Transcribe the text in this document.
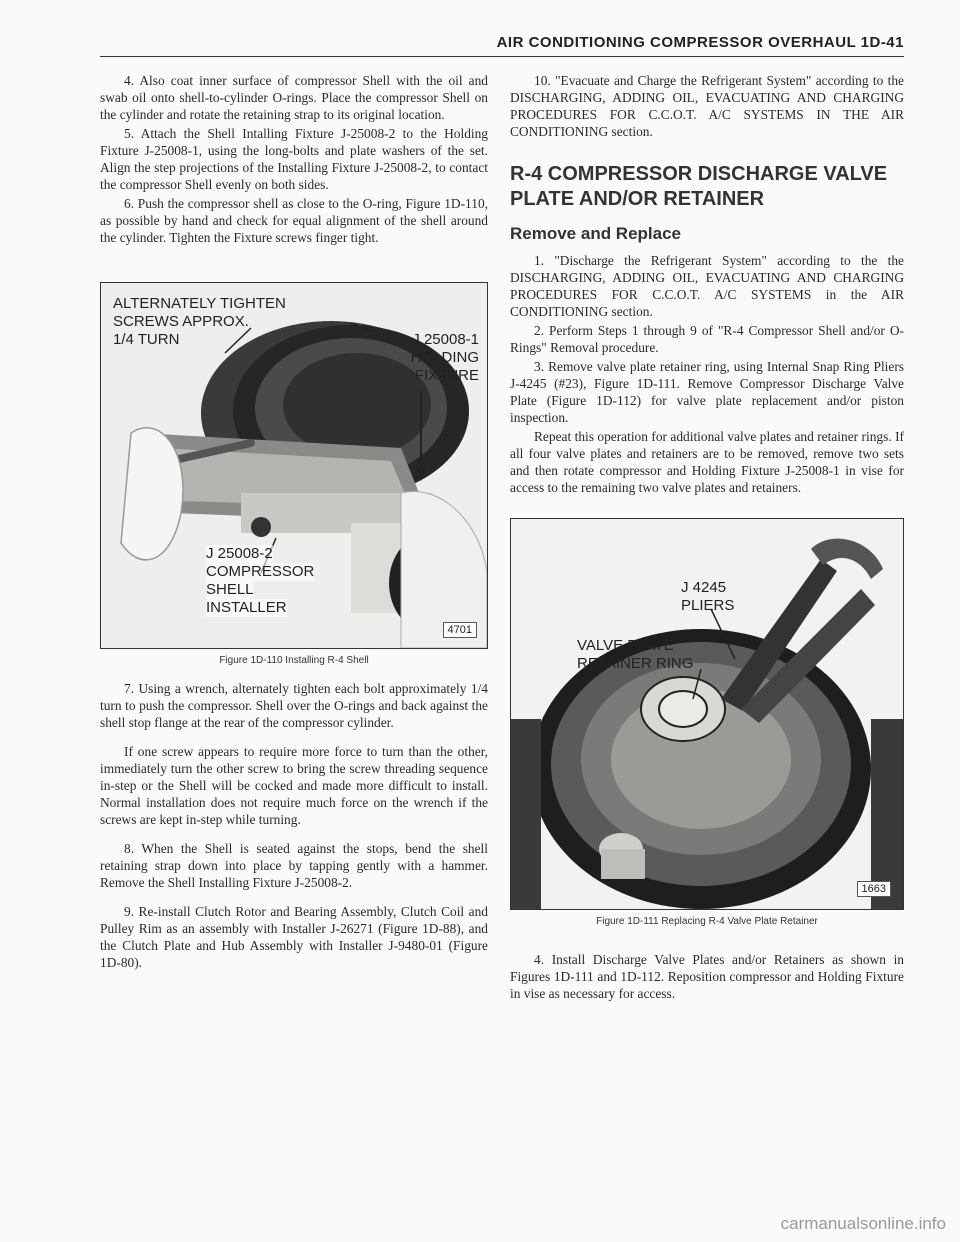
AIR CONDITIONING COMPRESSOR OVERHAUL 1D-41

4. Also coat inner surface of compressor Shell with the oil and swab oil onto shell-to-cylinder O-rings. Place the compressor Shell on the cylinder and rotate the retaining strap to its original location.

5. Attach the Shell Intalling Fixture J-25008-2 to the Holding Fixture J-25008-1, using the long-bolts and plate washers of the set. Align the step projections of the Installing Fixture J-25008-2, to contact the compressor Shell evenly on both sides.

6. Push the compressor shell as close to the O-ring, Figure 1D-110, as possible by hand and check for equal alignment of the shell around the cylinder. Tighten the Fixture screws finger tight.

ALTERNATELY TIGHTEN
SCREWS APPROX.
1/4 TURN	J 25008-1
HOLDING
FIXTURE
J 25008-2
COMPRESSOR
SHELL
INSTALLER
4701
Figure 1D-110 Installing R-4 Shell

7. Using a wrench, alternately tighten each bolt approximately 1/4 turn to push the compressor. Shell over the O-rings and back against the shell stop flange at the rear of the compressor cylinder.

If one screw appears to require more force to turn than the other, immediately turn the other screw to bring the screw threading sequence in-step or the Shell will be cocked and made more difficult to install. Normal installation does not require much force on the wrench if the screws are kept in-step while turning.

8. When the Shell is seated against the stops, bend the shell retaining strap down into place by tapping gently with a hammer. Remove the Shell Installing Fixture J-25008-2.

9. Re-install Clutch Rotor and Bearing Assembly, Clutch Coil and Pulley Rim as an assembly with Installer J-26271 (Figure 1D-88), and the Clutch Plate and Hub Assembly with Installer J-9480-01 (Figure 1D-80).

10. "Evacuate and Charge the Refrigerant System" according to the DISCHARGING, ADDING OIL, EVACUATING AND CHARGING PROCEDURES FOR C.C.O.T. A/C SYSTEMS IN THE AIR CONDITIONING section.

R-4 COMPRESSOR DISCHARGE VALVE PLATE AND/OR RETAINER
Remove and Replace

1. "Discharge the Refrigerant System" according to the the DISCHARGING, ADDING OIL, EVACUATING AND CHARGING PROCEDURES FOR C.C.O.T. A/C SYSTEMS in the AIR CONDITIONING section.

2. Perform Steps 1 through 9 of "R-4 Compressor Shell and/or O-Rings" Removal procedure.

3. Remove valve plate retainer ring, using Internal Snap Ring Pliers J-4245 (#23), Figure 1D-111. Remove Compressor Discharge Valve Plate (Figure 1D-112) for valve plate replacement and/or piston inspection.

Repeat this operation for additional valve plates and retainer rings. If all four valve plates and retainers are to be removed, remove two sets and then rotate compressor and Holding Fixture J-25008-1 in vise for access to the remaining two valve plates and retainers.

J 4245
PLIERS
VALVE PLATE
RETAINER RING
1663
Figure 1D-111 Replacing R-4 Valve Plate Retainer

4. Install Discharge Valve Plates and/or Retainers as shown in Figures 1D-111 and 1D-112. Reposition compressor and Holding Fixture in vise as necessary for access.

carmanualsonline.info
